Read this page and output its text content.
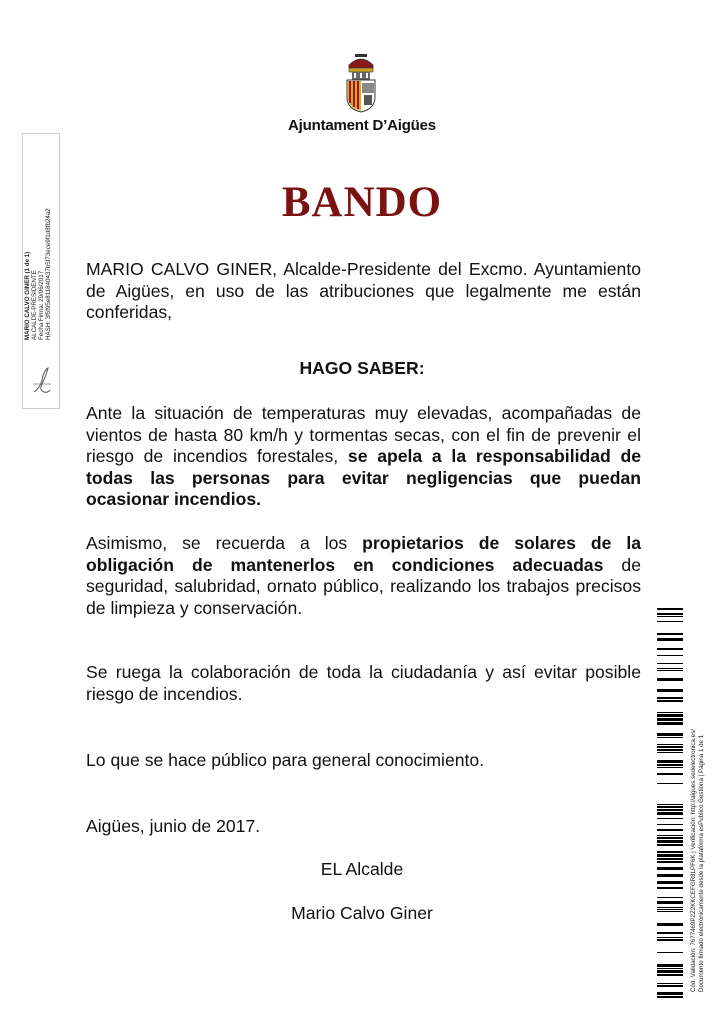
Ajuntament D’Aigües
BANDO
MARIO CALVO GINER, Alcalde-Presidente del Excmo. Ayuntamiento de Aigües, en uso de las atribuciones que legalmente me están conferidas,
HAGO SABER:
Ante la situación de temperaturas muy elevadas, acompañadas de vientos de hasta 80 km/h y tormentas secas, con el fin de prevenir el riesgo de incendios forestales, se apela a la responsabilidad de todas las personas para evitar negligencias que puedan ocasionar incendios.
Asimismo, se recuerda a los propietarios de solares de la obligación de mantenerlos en condiciones adecuadas de seguridad, salubridad, ornato público, realizando los trabajos precisos de limpieza y conservación.
Se ruega la colaboración de toda la ciudadanía y así evitar posible riesgo de incendios.
Lo que se hace público para general conocimiento.
Aigües, junio de 2017.
EL Alcalde
Mario Calvo Giner
MARIO CALVO GINER (1 de 1) ALCALDE-PRESIDENTE Fecha Firma: 29/06/2017 HASH: 3f5f95e811840437b5f73ece9f1d8fb24a2
Cód. Validación: 7677469P2Z2KKCEFGR8LPF6K | Verificación: http://aigues.sedelectronica.es/ Documento firmado electrónicamente desde la plataforma esPublico Gestiona | Página 1 de 1
